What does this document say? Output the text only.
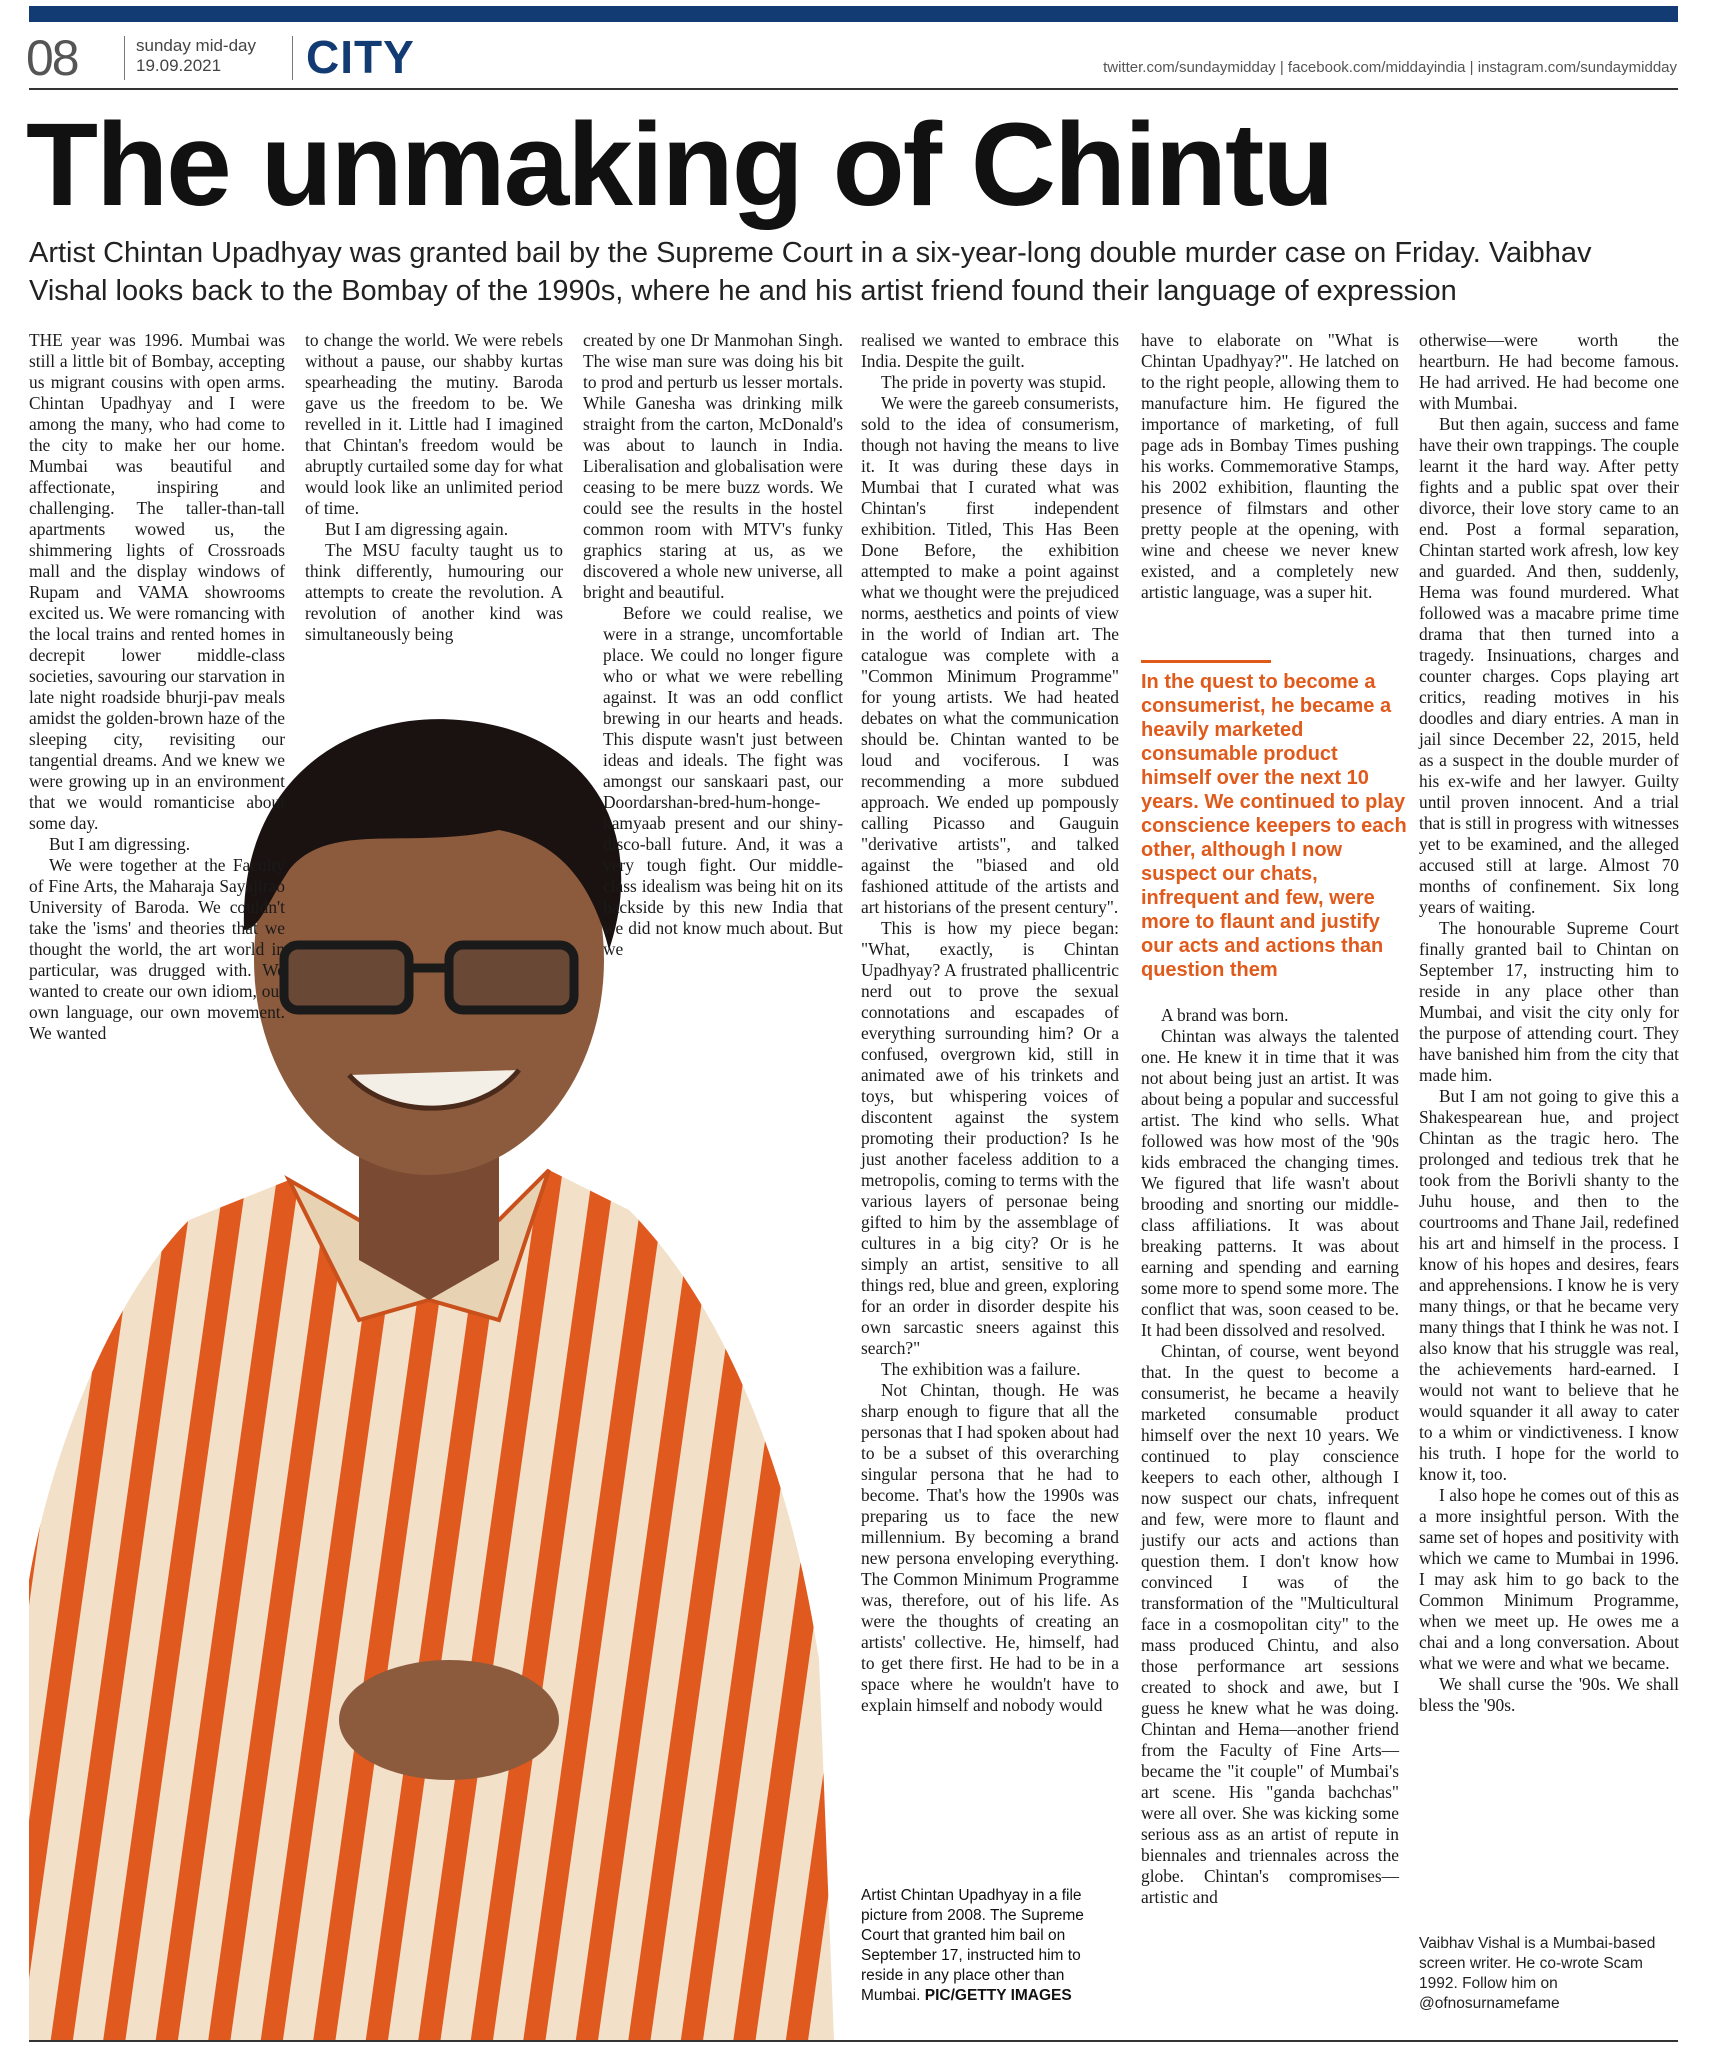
08	sunday mid-day
19.09.2021	CITY	twitter.com/sundaymidday | facebook.com/middayindia | instagram.com/sundaymidday
The unmaking of Chintu
Artist Chintan Upadhyay was granted bail by the Supreme Court in a six-year-long double murder case on Friday. Vaibhav Vishal looks back to the Bombay of the 1990s, where he and his artist friend found their language of expression

THE year was 1996. Mumbai was still a little bit of Bombay, accepting us migrant cousins with open arms. Chintan Upadhyay and I were among the many, who had come to the city to make her our home. Mumbai was beautiful and affectionate, inspiring and challenging. The taller-than-tall apartments wowed us, the shimmering lights of Crossroads mall and the display windows of Rupam and VAMA showrooms excited us. We were romancing with the local trains and rented homes in decrepit lower middle-class societies, savouring our starvation in late night roadside bhurji-pav meals amidst the golden-brown haze of the sleeping city, revisiting our tangential dreams. And we knew we were growing up in an environment that we would romanticise about some day.

But I am digressing.

We were together at the Faculty of Fine Arts, the Maharaja Sayajirao University of Baroda. We couldn't take the 'isms' and theories that we thought the world, the art world in particular, was drugged with. We wanted to create our own idiom, our own language, our own movement. We wanted

to change the world. We were rebels without a pause, our shabby kurtas spearheading the mutiny. Baroda gave us the freedom to be. We revelled in it. Little had I imagined that Chintan's freedom would be abruptly curtailed some day for what would look like an unlimited period of time.

But I am digressing again.

The MSU faculty taught us to think differently, humouring our attempts to create the revolution. A revolution of another kind was simultaneously being

created by one Dr Manmohan Singh. The wise man sure was doing his bit to prod and perturb us lesser mortals. While Ganesha was drinking milk straight from the carton, McDonald's was about to launch in India. Liberalisation and globalisation were ceasing to be mere buzz words. We could see the results in the hostel common room with MTV's funky graphics staring at us, as we discovered a whole new universe, all bright and beautiful.

Before we could realise, we were in a strange, uncomfortable place. We could no longer figure who or what we were rebelling against. It was an odd conflict brewing in our hearts and heads. This dispute wasn't just between ideas and ideals. The fight was amongst our sanskaari past, our Doordarshan-bred-hum-honge-kamyaab present and our shiny-disco-ball future. And, it was a very tough fight. Our middle-class idealism was being hit on its backside by this new India that we did not know much about. But we

realised we wanted to embrace this India. Despite the guilt.

The pride in poverty was stupid.

We were the gareeb consumerists, sold to the idea of consumerism, though not having the means to live it. It was during these days in Mumbai that I curated what was Chintan's first independent exhibition. Titled, This Has Been Done Before, the exhibition attempted to make a point against what we thought were the prejudiced norms, aesthetics and points of view in the world of Indian art. The catalogue was complete with a "Common Minimum Programme" for young artists. We had heated debates on what the communication should be. Chintan wanted to be loud and vociferous. I was recommending a more subdued approach. We ended up pompously calling Picasso and Gauguin "derivative artists", and talked against the "biased and old fashioned attitude of the artists and art historians of the present century".

This is how my piece began: "What, exactly, is Chintan Upadhyay? A frustrated phallicentric nerd out to prove the sexual connotations and escapades of everything surrounding him? Or a confused, overgrown kid, still in animated awe of his trinkets and toys, but whispering voices of discontent against the system promoting their production? Is he just another faceless addition to a metropolis, coming to terms with the various layers of personae being gifted to him by the assemblage of cultures in a big city? Or is he simply an artist, sensitive to all things red, blue and green, exploring for an order in disorder despite his own sarcastic sneers against this search?"

The exhibition was a failure.

Not Chintan, though. He was sharp enough to figure that all the personas that I had spoken about had to be a subset of this overarching singular persona that he had to become. That's how the 1990s was preparing us to face the new millennium. By becoming a brand new persona enveloping everything. The Common Minimum Programme was, therefore, out of his life. As were the thoughts of creating an artists' collective. He, himself, had to get there first. He had to be in a space where he wouldn't have to explain himself and nobody would

have to elaborate on "What is Chintan Upadhyay?". He latched on to the right people, allowing them to manufacture him. He figured the importance of marketing, of full page ads in Bombay Times pushing his works. Commemorative Stamps, his 2002 exhibition, flaunting the presence of filmstars and other pretty people at the opening, with wine and cheese we never knew existed, and a completely new artistic language, was a super hit.

In the quest to become a consumerist, he became a heavily marketed consumable product himself over the next 10 years. We continued to play conscience keepers to each other, although I now suspect our chats, infrequent and few, were more to flaunt and justify our acts and actions than question them

A brand was born.

Chintan was always the talented one. He knew it in time that it was not about being just an artist. It was about being a popular and successful artist. The kind who sells. What followed was how most of the '90s kids embraced the changing times. We figured that life wasn't about brooding and snorting our middle-class affiliations. It was about breaking patterns. It was about earning and spending and earning some more to spend some more. The conflict that was, soon ceased to be. It had been dissolved and resolved.

Chintan, of course, went beyond that. In the quest to become a consumerist, he became a heavily marketed consumable product himself over the next 10 years. We continued to play conscience keepers to each other, although I now suspect our chats, infrequent and few, were more to flaunt and justify our acts and actions than question them. I don't know how convinced I was of the transformation of the "Multicultural face in a cosmopolitan city" to the mass produced Chintu, and also those performance art sessions created to shock and awe, but I guess he knew what he was doing. Chintan and Hema—another friend from the Faculty of Fine Arts—became the "it couple" of Mumbai's art scene. His "ganda bachchas" were all over. She was kicking some serious ass as an artist of repute in biennales and triennales across the globe. Chintan's compromises—artistic and

otherwise—were worth the heartburn. He had become famous. He had arrived. He had become one with Mumbai.

But then again, success and fame have their own trappings. The couple learnt it the hard way. After petty fights and a public spat over their divorce, their love story came to an end. Post a formal separation, Chintan started work afresh, low key and guarded. And then, suddenly, Hema was found murdered. What followed was a macabre prime time drama that then turned into a tragedy. Insinuations, charges and counter charges. Cops playing art critics, reading motives in his doodles and diary entries. A man in jail since December 22, 2015, held as a suspect in the double murder of his ex-wife and her lawyer. Guilty until proven innocent. And a trial that is still in progress with witnesses yet to be examined, and the alleged accused still at large. Almost 70 months of confinement. Six long years of waiting.

The honourable Supreme Court finally granted bail to Chintan on September 17, instructing him to reside in any place other than Mumbai, and visit the city only for the purpose of attending court. They have banished him from the city that made him.

But I am not going to give this a Shakespearean hue, and project Chintan as the tragic hero. The prolonged and tedious trek that he took from the Borivli shanty to the Juhu house, and then to the courtrooms and Thane Jail, redefined his art and himself in the process. I know of his hopes and desires, fears and apprehensions. I know he is very many things, or that he became very many things that I think he was not. I also know that his struggle was real, the achievements hard-earned. I would not want to believe that he would squander it all away to cater to a whim or vindictiveness. I know his truth. I hope for the world to know it, too.

I also hope he comes out of this as a more insightful person. With the same set of hopes and positivity with which we came to Mumbai in 1996. I may ask him to go back to the Common Minimum Programme, when we meet up. He owes me a chai and a long conversation. About what we were and what we became.

We shall curse the '90s. We shall bless the '90s.

Artist Chintan Upadhyay in a file picture from 2008. The Supreme Court that granted him bail on September 17, instructed him to reside in any place other than Mumbai. PIC/GETTY IMAGES
Vaibhav Vishal is a Mumbai-based screen writer. He co-wrote Scam 1992. Follow him on @ofnosurnamefame
